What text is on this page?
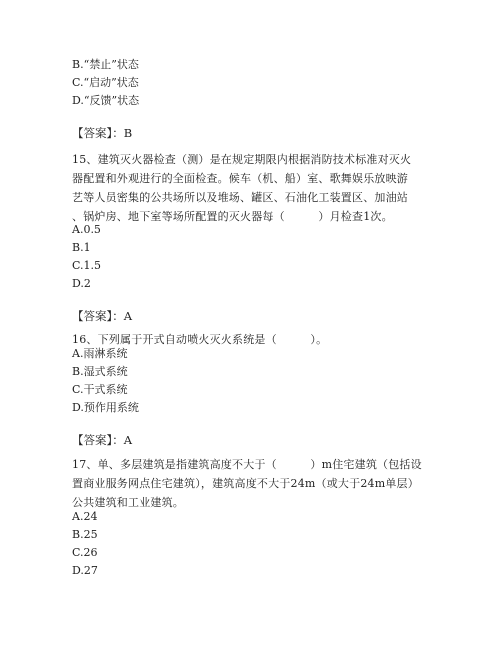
B.“禁止”状态
C.“启动”状态
D.“反馈”状态
【答案】：B
15、建筑灭火器检查（测）是在规定期限内根据消防技术标准对灭火
器配置和外观进行的全面检查。候车（机、船）室、歌舞娱乐放映游
艺等人员密集的公共场所以及堆场、罐区、石油化工装置区、加油站
、锅炉房、地下室等场所配置的灭火器每（　　　）月检查1次。
A.0.5
B.1
C.1.5
D.2
【答案】：A
16、下列属于开式自动喷火灭火系统是（　　　）。
A.雨淋系统
B.湿式系统
C.干式系统
D.预作用系统
【答案】：A
17、单、多层建筑是指建筑高度不大于（　　　）m住宅建筑（包括设
置商业服务网点住宅建筑），建筑高度不大于24m（或大于24m单层）
公共建筑和工业建筑。
A.24
B.25
C.26
D.27
